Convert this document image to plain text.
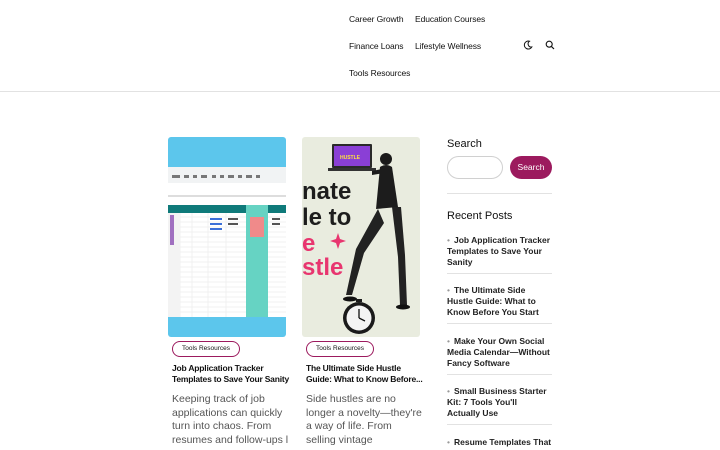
Career Growth Education Courses
Finance Loans Lifestyle Wellness
Tools Resources
Tools Resources
Job Application Tracker Templates to Save Your Sanity
Keeping track of job applications can quickly turn into chaos. From resumes and follow-ups l
nate
le to
e
stle
HUSTLE
Tools Resources
The Ultimate Side Hustle Guide: What to Know Before...
Side hustles are no longer a novelty—they're a way of life. From selling vintage
Search
Search
Recent Posts
• Job Application Tracker Templates to Save Your Sanity
• The Ultimate Side Hustle Guide: What to Know Before You Start
• Make Your Own Social Media Calendar—Without Fancy Software
• Small Business Starter Kit: 7 Tools You'll Actually Use
• Resume Templates That
